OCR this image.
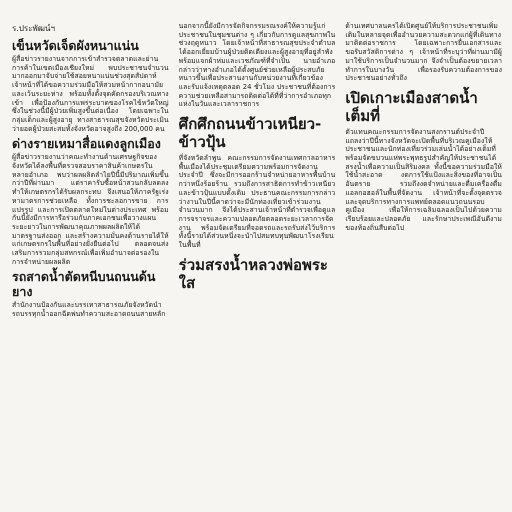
ร.ประพัฒน์ฯ
เข็นหวัดเจ็ดผังหนาแน่น

ผู้สื่อข่าวรายงานจากการเข้าสำรวจตลาดและย่านการค้าในเขตเมืองเชียงใหม่ พบประชาชนจำนวนมากออกมาจับจ่ายใช้สอยหนาแน่นช่วงสุดสัปดาห์ เจ้าหน้าที่ได้ขอความร่วมมือให้สวมหน้ากากอนามัยและเว้นระยะห่าง พร้อมทั้งตั้งจุดคัดกรองบริเวณทางเข้า เพื่อป้องกันการแพร่ระบาดของโรคไข้หวัดใหญ่ ซึ่งในช่วงนี้มีผู้ป่วยเพิ่มสูงขึ้นต่อเนื่อง โดยเฉพาะในกลุ่มเด็กและผู้สูงอายุ ทางสาธารณสุขจังหวัดประเมินว่ายอดผู้ป่วยสะสมทั้งจังหวัดอาจสูงถึง 200,000 คน

ด่างรายเหมาสื่อแดงลูกเมือง

ผู้สื่อข่าวรายงานว่าคณะทำงานด้านเศรษฐกิจของจังหวัดได้ลงพื้นที่ตรวจสอบราคาสินค้าเกษตรในหลายอำเภอ พบว่าผลผลิตลำไยปีนี้มีปริมาณเพิ่มขึ้นกว่าปีที่ผ่านมา แต่ราคารับซื้อหน้าสวนกลับลดลง ทำให้เกษตรกรได้รับผลกระทบ จึงเสนอให้ภาครัฐเร่งหามาตรการช่วยเหลือ ทั้งการชะลอการขาย การแปรรูป และการเปิดตลาดใหม่ในต่างประเทศ พร้อมกันนี้ยังมีการหารือร่วมกับภาคเอกชนเพื่อวางแผนระยะยาวในการพัฒนาคุณภาพผลผลิตให้ได้มาตรฐานส่งออก และสร้างความมั่นคงด้านรายได้ให้แก่เกษตรกรในพื้นที่อย่างยั่งยืนต่อไป ตลอดจนส่งเสริมการรวมกลุ่มสหกรณ์เพื่อเพิ่มอำนาจต่อรองในการจำหน่ายผลผลิต

รถสาดน้ำตัดหนีบนถนนด้นยาง

สำนักงานป้องกันและบรรเทาสาธารณภัยจังหวัดนำรถบรรทุกน้ำออกฉีดพ่นทำความสะอาดถนนสายหลัก

นอกจากนี้ยังมีการจัดกิจกรรมรณรงค์ให้ความรู้แก่ประชาชนในชุมชนต่าง ๆ เกี่ยวกับการดูแลสุขภาพในช่วงฤดูหนาว โดยเจ้าหน้าที่สาธารณสุขประจำตำบลได้ออกเยี่ยมบ้านผู้ป่วยติดเตียงและผู้สูงอายุที่อยู่ลำพัง พร้อมแจกผ้าห่มและเวชภัณฑ์ที่จำเป็น นายอำเภอกล่าวว่าทางอำเภอได้ตั้งศูนย์ช่วยเหลือผู้ประสบภัยหนาวขึ้นเพื่อประสานงานกับหน่วยงานที่เกี่ยวข้อง และรับแจ้งเหตุตลอด 24 ชั่วโมง ประชาชนที่ต้องการความช่วยเหลือสามารถติดต่อได้ที่ที่ว่าการอำเภอทุกแห่งในวันและเวลาราชการ

ศึกศึกถนนข้าวเหนียว-ข้าวปุ้น

ที่จังหวัดลำพูน คณะกรรมการจัดงานเทศกาลอาหารพื้นเมืองได้ประชุมเตรียมความพร้อมการจัดงานประจำปี ซึ่งจะมีการออกร้านจำหน่ายอาหารพื้นบ้านกว่าหนึ่งร้อยร้าน รวมถึงการสาธิตการทำข้าวเหนียวและข้าวปุ้นแบบดั้งเดิม ประธานคณะกรรมการกล่าวว่างานในปีนี้คาดว่าจะมีนักท่องเที่ยวเข้าร่วมงานจำนวนมาก จึงได้ประสานเจ้าหน้าที่ตำรวจเพื่อดูแลการจราจรและความปลอดภัยตลอดระยะเวลาการจัดงาน พร้อมจัดเตรียมที่จอดรถและรถรับส่งไว้บริการ ทั้งนี้รายได้ส่วนหนึ่งจะนำไปสมทบทุนพัฒนาโรงเรียนในพื้นที่

ร่วมสรงน้ำหลวงพ่อพระใส

ด้านเทศบาลนครได้เปิดศูนย์ให้บริการประชาชนเพิ่มเติมในหลายจุดเพื่ออำนวยความสะดวกแก่ผู้ที่เดินทางมาติดต่อราชการ โดยเฉพาะการยื่นเอกสารและขอรับสวัสดิการต่าง ๆ เจ้าหน้าที่ระบุว่าที่ผ่านมามีผู้มาใช้บริการเป็นจำนวนมาก จึงจำเป็นต้องขยายเวลาทำการในบางวัน เพื่อรองรับความต้องการของประชาชนอย่างทั่วถึง

เปิดเกาะเมืองสาดน้ำเต็มที่

ตัวแทนคณะกรรมการจัดงานสงกรานต์ประจำปี แถลงว่าปีนี้ทางจังหวัดจะเปิดพื้นที่บริเวณคูเมืองให้ประชาชนและนักท่องเที่ยวร่วมเล่นน้ำได้อย่างเต็มที่ พร้อมจัดขบวนแห่พระพุทธรูปสำคัญให้ประชาชนได้สรงน้ำเพื่อความเป็นสิริมงคล ทั้งนี้ขอความร่วมมือให้ใช้น้ำสะอาด งดการใช้แป้งและสิ่งของที่อาจเป็นอันตราย รวมถึงงดจำหน่ายและดื่มเครื่องดื่มแอลกอฮอล์ในพื้นที่จัดงาน เจ้าหน้าที่จะตั้งจุดตรวจและจุดบริการทางการแพทย์ตลอดแนวถนนรอบคูเมือง เพื่อให้การเฉลิมฉลองเป็นไปด้วยความเรียบร้อยและปลอดภัย และรักษาประเพณีอันดีงามของท้องถิ่นสืบต่อไป
